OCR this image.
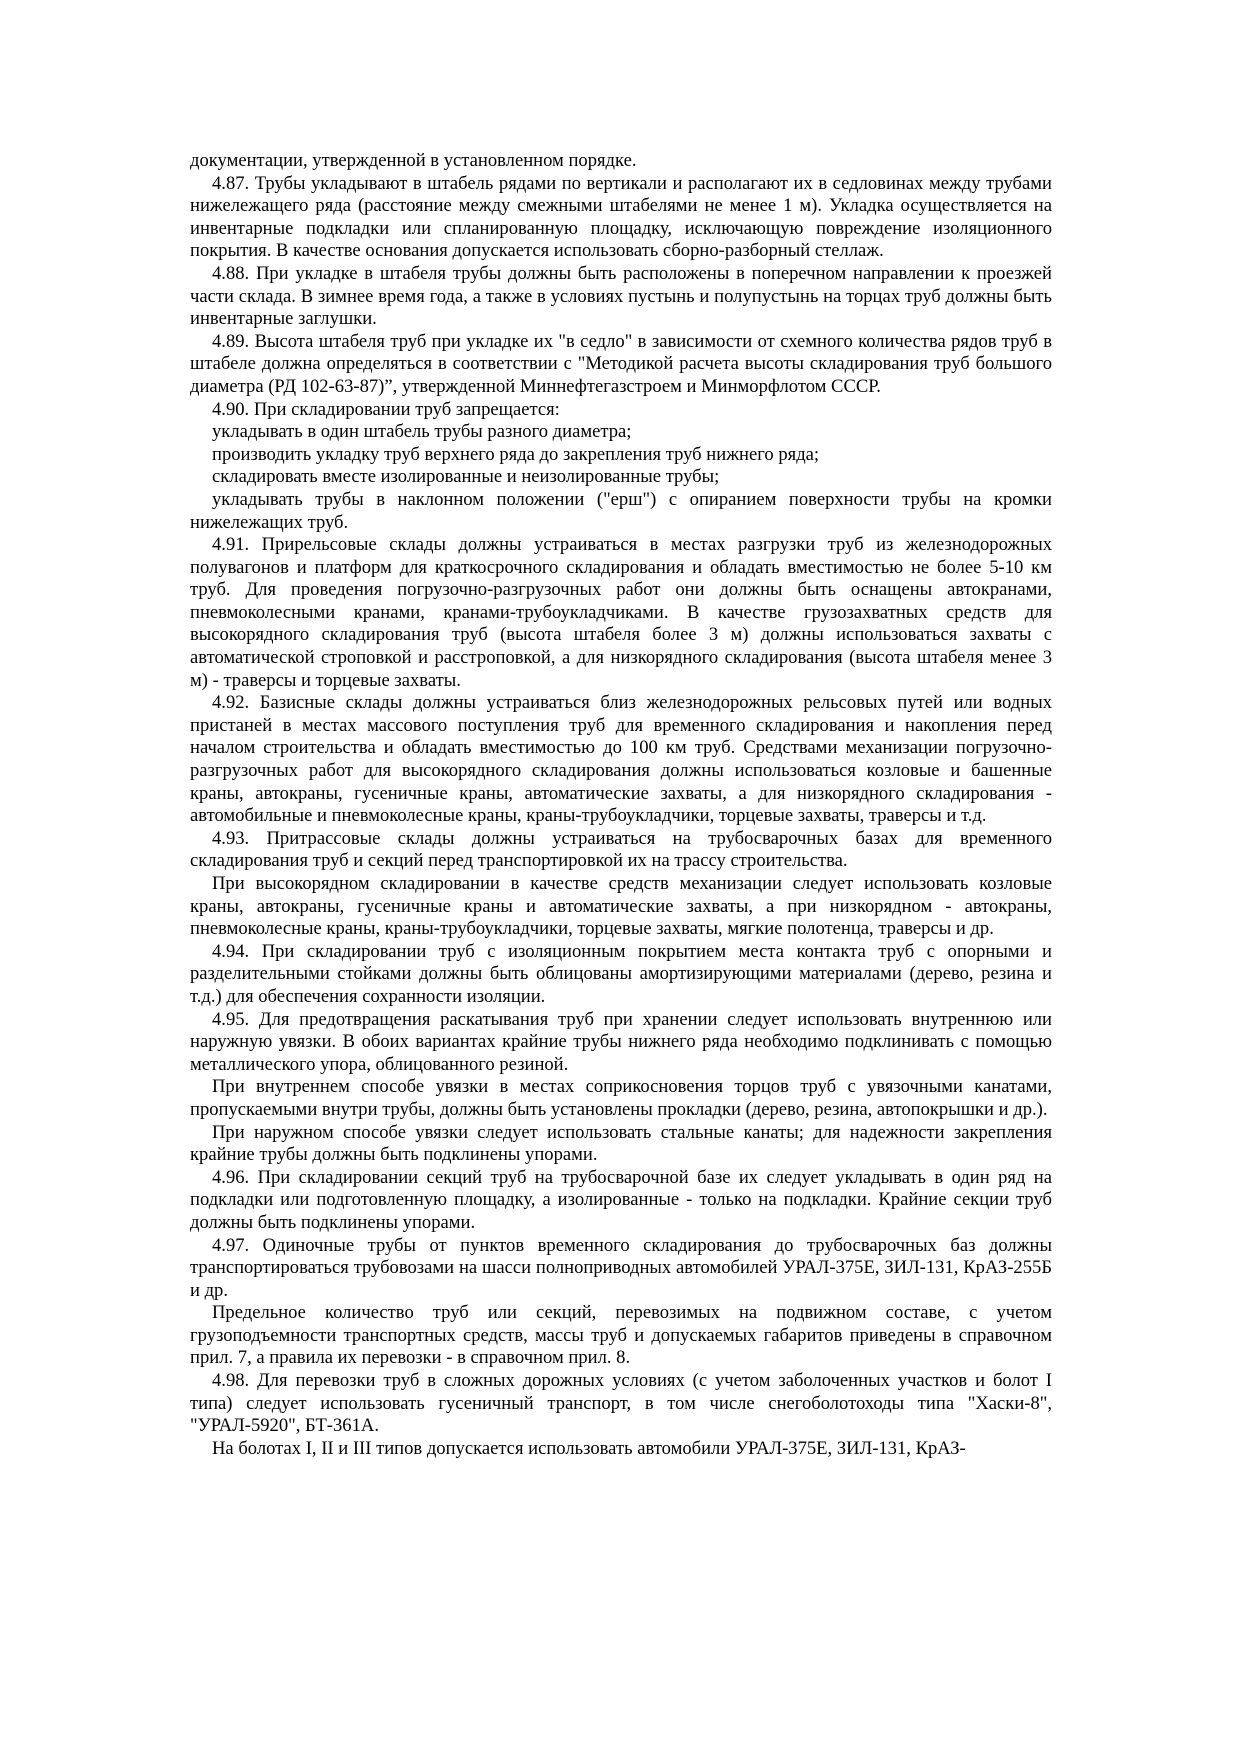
документации, утвержденной в установленном порядке.

4.87. Трубы укладывают в штабель рядами по вертикали и располагают их в седловинах между трубами нижележащего ряда (расстояние между смежными штабелями не менее 1 м). Укладка осуществляется на инвентарные подкладки или спланированную площадку, исключающую повреждение изоляционного покрытия. В качестве основания допускается использовать сборно-разборный стеллаж.

4.88. При укладке в штабеля трубы должны быть расположены в поперечном направлении к проезжей части склада. В зимнее время года, а также в условиях пустынь и полупустынь на торцах труб должны быть инвентарные заглушки.

4.89. Высота штабеля труб при укладке их "в седло" в зависимости от схемного количества рядов труб в штабеле должна определяться в соответствии с "Методикой расчета высоты складирования труб большого диаметра (РД 102-63-87)”, утвержденной Миннефтегазстроем и Минморфлотом СССР.

4.90. При складировании труб запрещается:

укладывать в один штабель трубы разного диаметра;

производить укладку труб верхнего ряда до закрепления труб нижнего ряда;

складировать вместе изолированные и неизолированные трубы;

укладывать трубы в наклонном положении ("ерш") с опиранием поверхности трубы на кромки нижележащих труб.

4.91. Прирельсовые склады должны устраиваться в местах разгрузки труб из железнодорожных полувагонов и платформ для краткосрочного складирования и обладать вместимостью не более 5-10 км труб. Для проведения погрузочно-разгрузочных работ они должны быть оснащены автокранами, пневмоколесными кранами, кранами-трубоукладчиками. В качестве грузозахватных средств для высокорядного складирования труб (высота штабеля более 3 м) должны использоваться захваты с автоматической строповкой и расстроповкой, а для низкорядного складирования (высота штабеля менее 3 м) - траверсы и торцевые захваты.

4.92. Базисные склады должны устраиваться близ железнодорожных рельсовых путей или водных пристаней в местах массового поступления труб для временного складирования и накопления перед началом строительства и обладать вместимостью до 100 км труб. Средствами механизации погрузочно-разгрузочных работ для высокорядного складирования должны использоваться козловые и башенные краны, автокраны, гусеничные краны, автоматические захваты, а для низкорядного складирования - автомобильные и пневмоколесные краны, краны-трубоукладчики, торцевые захваты, траверсы и т.д.

4.93. Притрассовые склады должны устраиваться на трубосварочных базах для временного складирования труб и секций перед транспортировкой их на трассу строительства.

При высокорядном складировании в качестве средств механизации следует использовать козловые краны, автокраны, гусеничные краны и автоматические захваты, а при низкорядном - автокраны, пневмоколесные краны, краны-трубоукладчики, торцевые захваты, мягкие полотенца, траверсы и др.

4.94. При складировании труб с изоляционным покрытием места контакта труб с опорными и разделительными стойками должны быть облицованы амортизирующими материалами (дерево, резина и т.д.) для обеспечения сохранности изоляции.

4.95. Для предотвращения раскатывания труб при хранении следует использовать внутреннюю или наружную увязки. В обоих вариантах крайние трубы нижнего ряда необходимо подклинивать с помощью металлического упора, облицованного резиной.

При внутреннем способе увязки в местах соприкосновения торцов труб с увязочными канатами, пропускаемыми внутри трубы, должны быть установлены прокладки (дерево, резина, автопокрышки и др.).

При наружном способе увязки следует использовать стальные канаты; для надежности закрепления крайние трубы должны быть подклинены упорами.

4.96. При складировании секций труб на трубосварочной базе их следует укладывать в один ряд на подкладки или подготовленную площадку, а изолированные - только на подкладки. Крайние секции труб должны быть подклинены упорами.

4.97. Одиночные трубы от пунктов временного складирования до трубосварочных баз должны транспортироваться трубовозами на шасси полноприводных автомобилей УРАЛ-375Е, ЗИЛ-131, КрАЗ-255Б и др.

Предельное количество труб или секций, перевозимых на подвижном составе, с учетом грузоподъемности транспортных средств, массы труб и допускаемых габаритов приведены в справочном прил. 7, а правила их перевозки - в справочном прил. 8.

4.98. Для перевозки труб в сложных дорожных условиях (с учетом заболоченных участков и болот I типа) следует использовать гусеничный транспорт, в том числе снегоболотоходы типа "Хаски-8", "УРАЛ-5920", БТ-361А.

На болотах I, II и III типов допускается использовать автомобили УРАЛ-375Е, ЗИЛ-131, КрАЗ-
